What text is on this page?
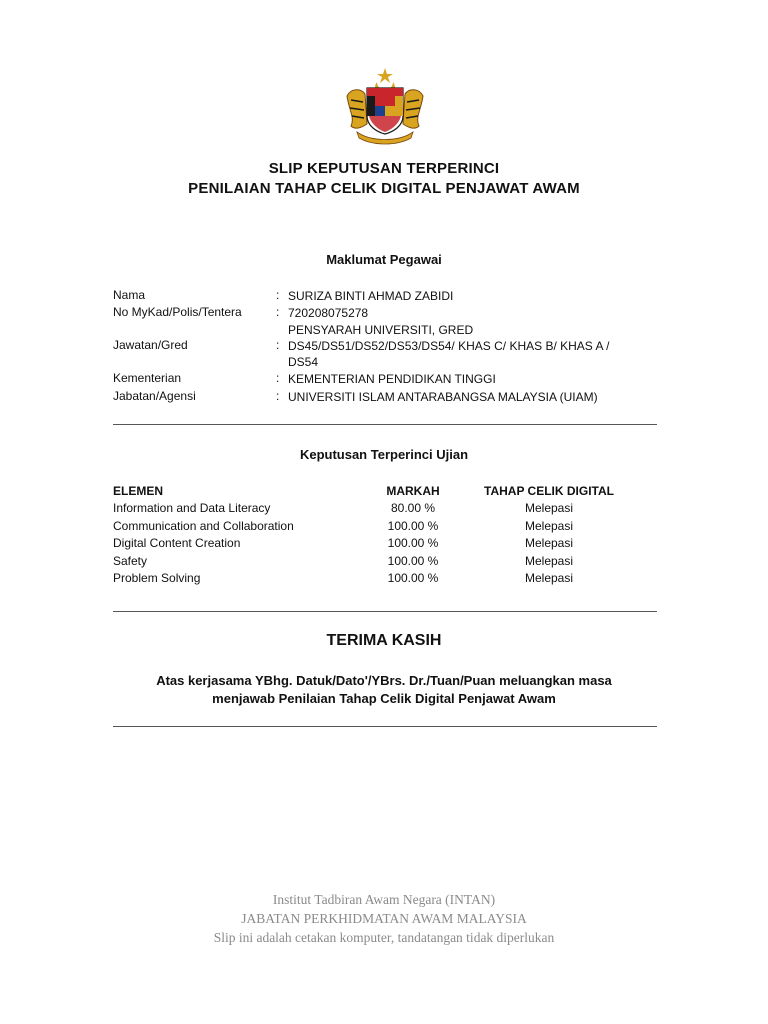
SLIP KEPUTUSAN TERPERINCI
PENILAIAN TAHAP CELIK DIGITAL PENJAWAT AWAM
Maklumat Pegawai
Nama	: SURIZA BINTI AHMAD ZABIDI
No MyKad/Polis/Tentera	: 720208075278
Jawatan/Gred	:
PENSYARAH UNIVERSITI, GRED
DS45/DS51/DS52/DS53/DS54/ KHAS C/ KHAS B/ KHAS A /
DS54
Kementerian	: KEMENTERIAN PENDIDIKAN TINGGI
Jabatan/Agensi	: UNIVERSITI ISLAM ANTARABANGSA MALAYSIA (UIAM)
Keputusan Terperinci Ujian
ELEMEN	MARKAH	TAHAP CELIK DIGITAL
Information and Data Literacy	80.00 %	Melepasi
Communication and Collaboration	100.00 %	Melepasi
Digital Content Creation	100.00 %	Melepasi
Safety	100.00 %	Melepasi
Problem Solving	100.00 %	Melepasi
TERIMA KASIH
Atas kerjasama YBhg. Datuk/Dato'/YBrs. Dr./Tuan/Puan meluangkan masa
menjawab Penilaian Tahap Celik Digital Penjawat Awam
Institut Tadbiran Awam Negara (INTAN)
JABATAN PERKHIDMATAN AWAM MALAYSIA
Slip ini adalah cetakan komputer, tandatangan tidak diperlukan
